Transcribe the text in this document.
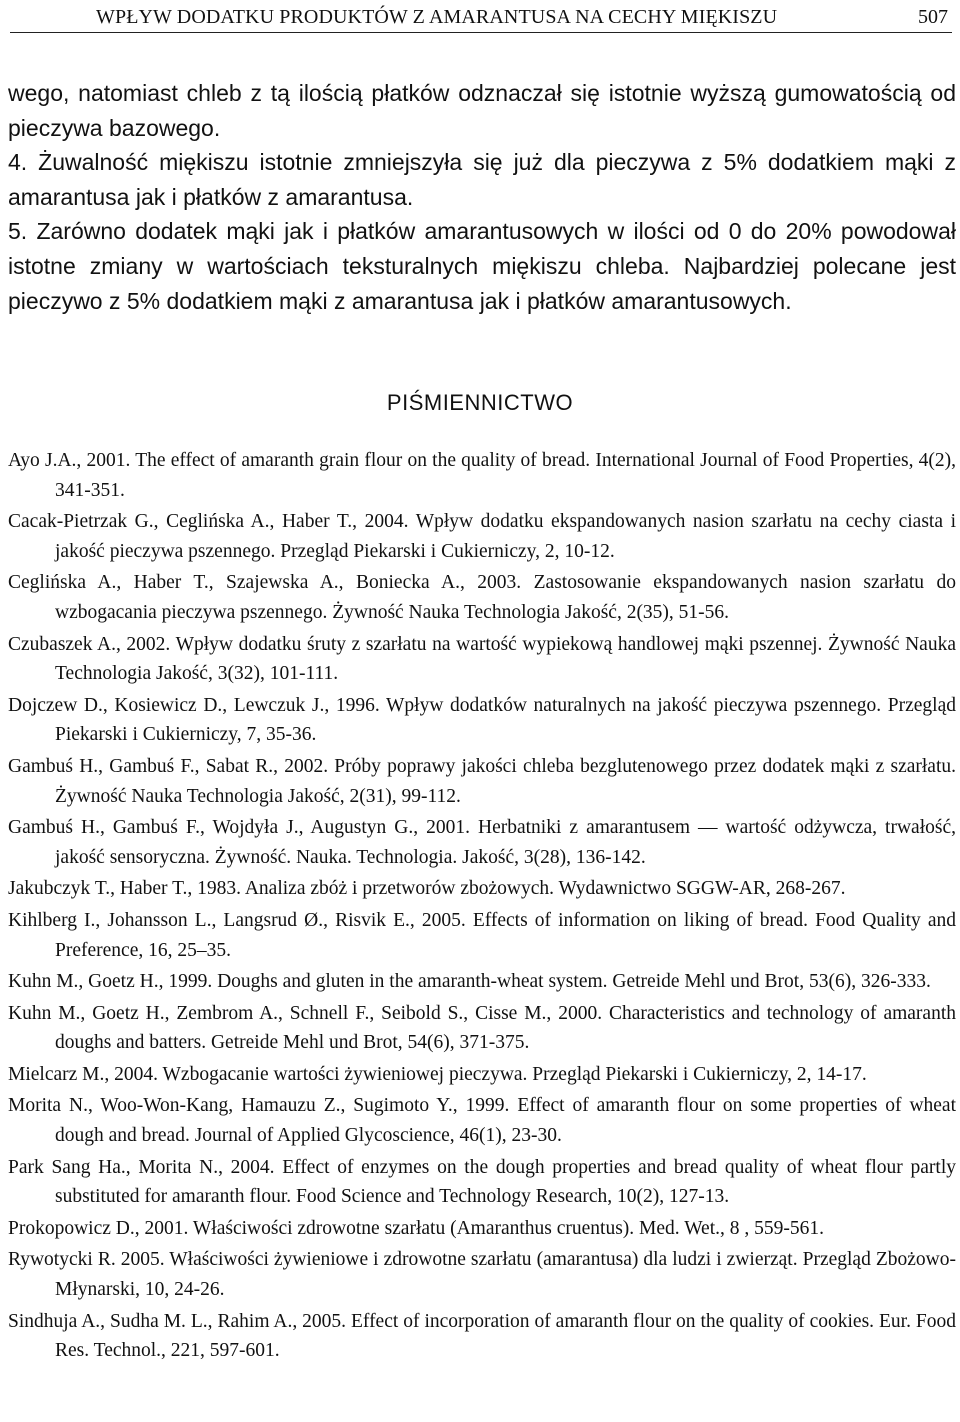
WPŁYW DODATKU PRODUKTÓW Z AMARANTUSA NA CECHY MIĘKISZU	507

wego, natomiast chleb z tą ilością płatków odznaczał się istotnie wyższą gumowatością od pieczywa bazowego.

4. Żuwalność miękiszu istotnie zmniejszyła się już dla pieczywa z 5% dodatkiem mąki z amarantusa jak i płatków z amarantusa.

5. Zarówno dodatek mąki jak i płatków amarantusowych w ilości od 0 do 20% powodował istotne zmiany w wartościach teksturalnych miękiszu chleba. Najbardziej polecane jest pieczywo z 5% dodatkiem mąki z amarantusa jak i płatków amarantusowych.

PIŚMIENNICTWO

Ayo J.A., 2001. The effect of amaranth grain flour on the quality of bread. International Journal of Food Properties, 4(2), 341-351.

Cacak-Pietrzak G., Ceglińska A., Haber T., 2004. Wpływ dodatku ekspandowanych nasion szarłatu na cechy ciasta i jakość pieczywa pszennego. Przegląd Piekarski i Cukierniczy, 2, 10-12.

Ceglińska A., Haber T., Szajewska A., Boniecka A., 2003. Zastosowanie ekspandowanych nasion szarłatu do wzbogacania pieczywa pszennego. Żywność Nauka Technologia Jakość, 2(35), 51-56.

Czubaszek A., 2002. Wpływ dodatku śruty z szarłatu na wartość wypiekową handlowej mąki pszennej. Żywność Nauka Technologia Jakość, 3(32), 101-111.

Dojczew D., Kosiewicz D., Lewczuk J., 1996. Wpływ dodatków naturalnych na jakość pieczywa pszennego. Przegląd Piekarski i Cukierniczy, 7, 35-36.

Gambuś H., Gambuś F., Sabat R., 2002. Próby poprawy jakości chleba bezglutenowego przez dodatek mąki z szarłatu. Żywność Nauka Technologia Jakość, 2(31), 99-112.

Gambuś H., Gambuś F., Wojdyła J., Augustyn G., 2001. Herbatniki z amarantusem — wartość odżywcza, trwałość, jakość sensoryczna. Żywność. Nauka. Technologia. Jakość, 3(28), 136-142.

Jakubczyk T., Haber T., 1983. Analiza zbóż i przetworów zbożowych. Wydawnictwo SGGW-AR, 268-267.

Kihlberg I., Johansson L., Langsrud Ø., Risvik E., 2005. Effects of information on liking of bread. Food Quality and Preference, 16, 25–35.

Kuhn M., Goetz H., 1999. Doughs and gluten in the amaranth-wheat system. Getreide Mehl und Brot, 53(6), 326-333.

Kuhn M., Goetz H., Zembrom A., Schnell F., Seibold S., Cisse M., 2000. Characteristics and technology of amaranth doughs and batters. Getreide Mehl und Brot, 54(6), 371-375.

Mielcarz M., 2004. Wzbogacanie wartości żywieniowej pieczywa. Przegląd Piekarski i Cukierniczy, 2, 14-17.

Morita N., Woo-Won-Kang, Hamauzu Z., Sugimoto Y., 1999. Effect of amaranth flour on some properties of wheat dough and bread. Journal of Applied Glycoscience, 46(1), 23-30.

Park Sang Ha., Morita N., 2004. Effect of enzymes on the dough properties and bread quality of wheat flour partly substituted for amaranth flour. Food Science and Technology Research, 10(2), 127-13.

Prokopowicz D., 2001. Właściwości zdrowotne szarłatu (Amaranthus cruentus). Med. Wet., 8 , 559-561.

Rywotycki R. 2005. Właściwości żywieniowe i zdrowotne szarłatu (amarantusa) dla ludzi i zwierząt. Przegląd Zbożowo-Młynarski, 10, 24-26.

Sindhuja A., Sudha M. L., Rahim A., 2005. Effect of incorporation of amaranth flour on the quality of cookies. Eur. Food Res. Technol., 221, 597-601.
